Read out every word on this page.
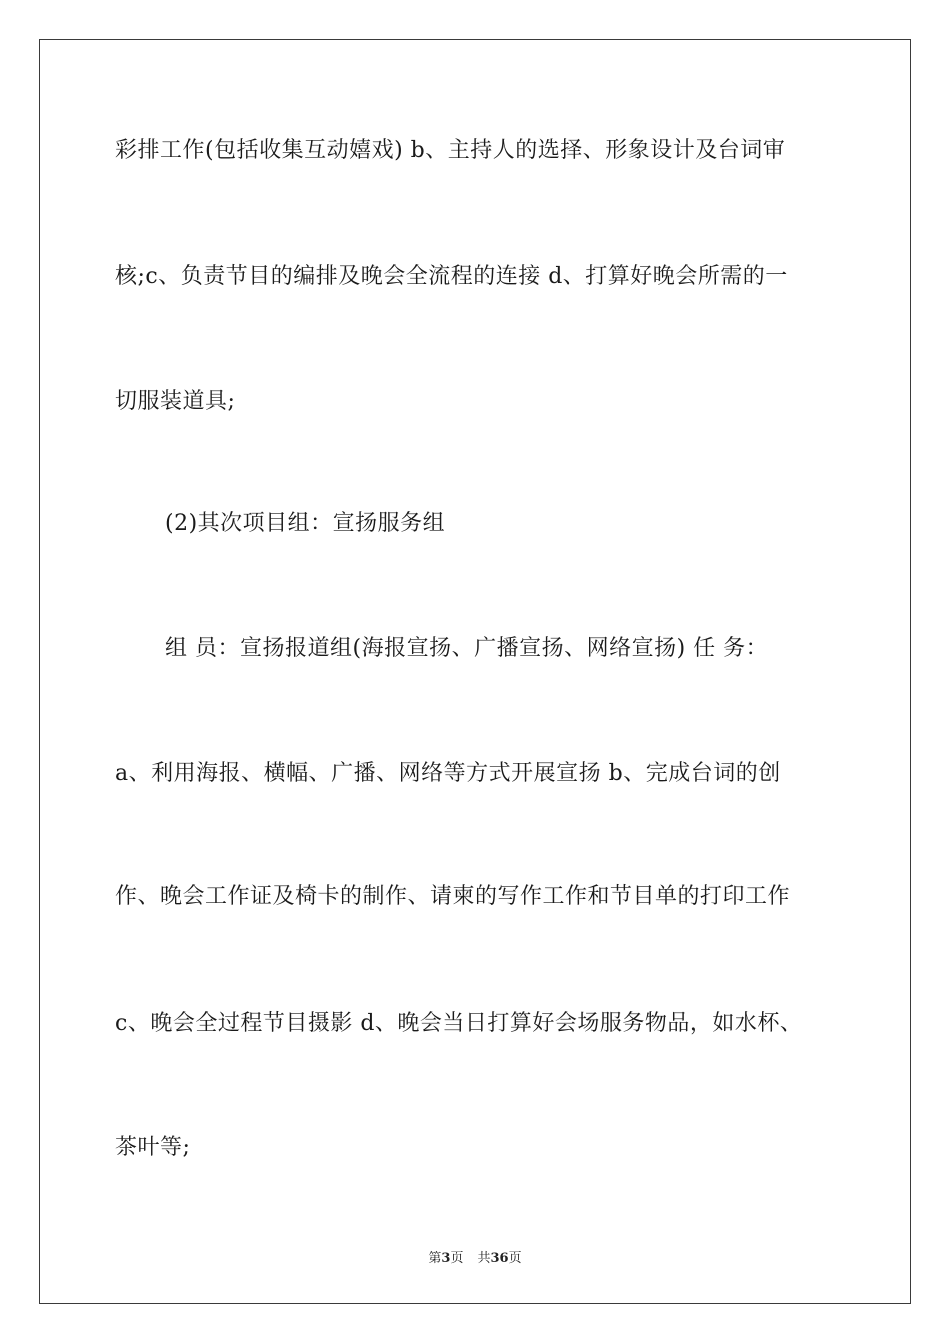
彩排工作(包括收集互动嬉戏) b、主持人的选择、形象设计及台词审

核;c、负责节目的编排及晚会全流程的连接 d、打算好晚会所需的一

切服装道具;

(2)其次项目组：宣扬服务组

组 员：宣扬报道组(海报宣扬、广播宣扬、网络宣扬) 任 务：

a、利用海报、横幅、广播、网络等方式开展宣扬 b、完成台词的创

作、晚会工作证及椅卡的制作、请柬的写作工作和节目单的打印工作

c、晚会全过程节目摄影 d、晚会当日打算好会场服务物品，如水杯、

茶叶等;

第3页 共36页
